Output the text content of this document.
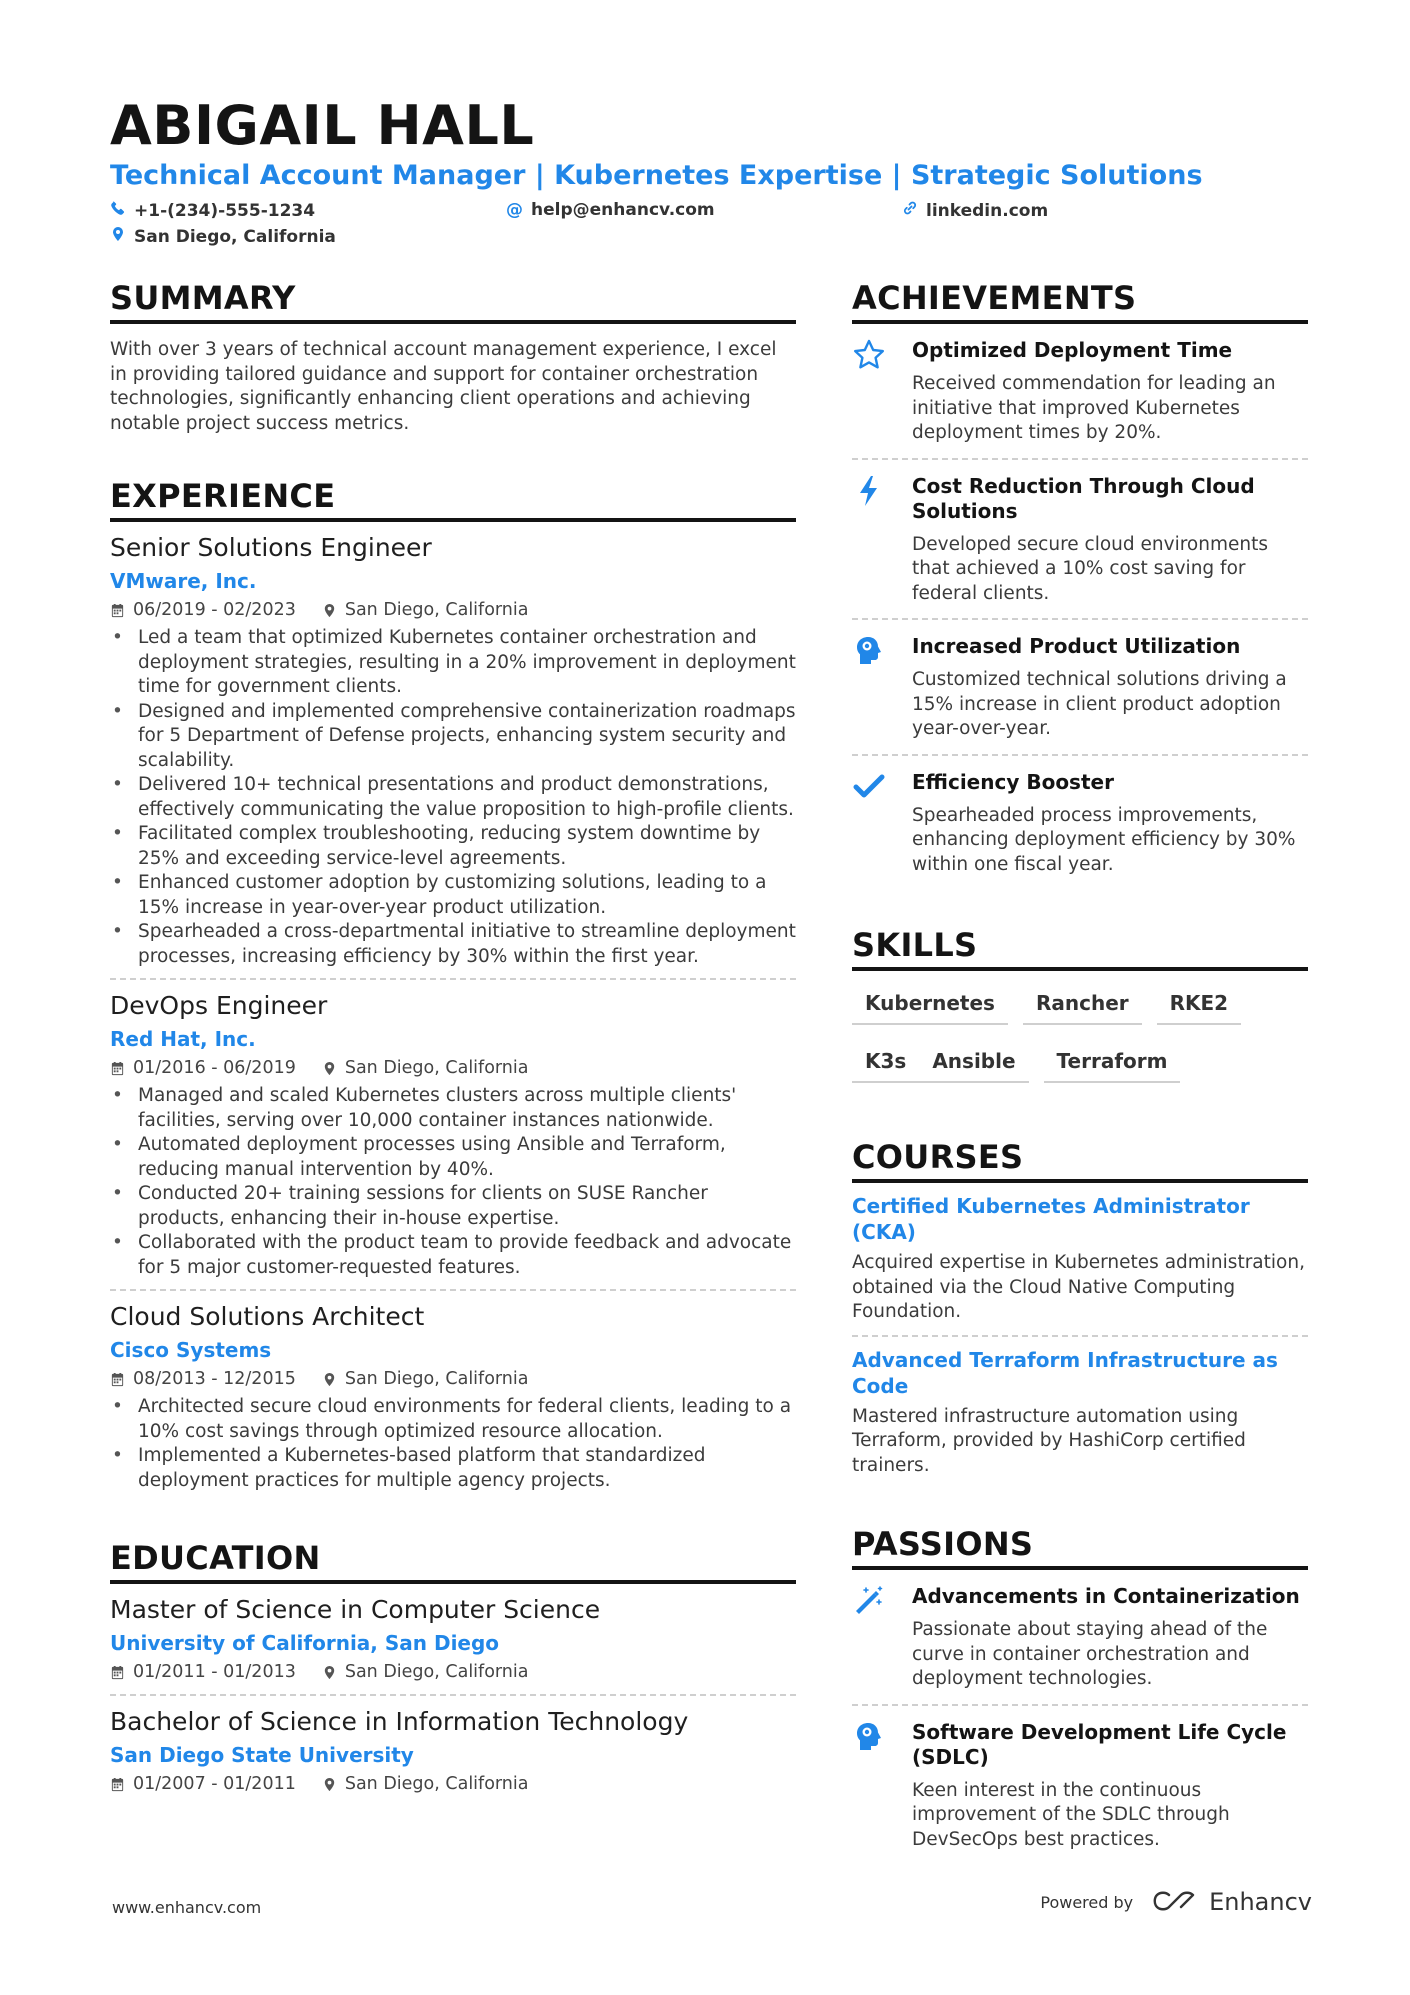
ABIGAIL HALL
Technical Account Manager | Kubernetes Expertise | Strategic Solutions
+1-(234)-555-1234	@ help@enhancv.com	linkedin.com
San Diego, California
SUMMARY

With over 3 years of technical account management experience, I excel in providing tailored guidance and support for container orchestration technologies, significantly enhancing client operations and achieving notable project success metrics.

EXPERIENCE

Senior Solutions Engineer

VMware, Inc.

06/2019 - 02/2023	San Diego, California
• Led a team that optimized Kubernetes container orchestration and deployment strategies, resulting in a 20% improvement in deployment time for government clients.
• Designed and implemented comprehensive containerization roadmaps for 5 Department of Defense projects, enhancing system security and scalability.
• Delivered 10+ technical presentations and product demonstrations, effectively communicating the value proposition to high-profile clients.
• Facilitated complex troubleshooting, reducing system downtime by 25% and exceeding service-level agreements.
• Enhanced customer adoption by customizing solutions, leading to a 15% increase in year-over-year product utilization.
• Spearheaded a cross-departmental initiative to streamline deployment processes, increasing efficiency by 30% within the first year.

DevOps Engineer

Red Hat, Inc.

01/2016 - 06/2019	San Diego, California
• Managed and scaled Kubernetes clusters across multiple clients' facilities, serving over 10,000 container instances nationwide.
• Automated deployment processes using Ansible and Terraform, reducing manual intervention by 40%.
• Conducted 20+ training sessions for clients on SUSE Rancher products, enhancing their in-house expertise.
• Collaborated with the product team to provide feedback and advocate for 5 major customer-requested features.

Cloud Solutions Architect

Cisco Systems

08/2013 - 12/2015	San Diego, California
• Architected secure cloud environments for federal clients, leading to a 10% cost savings through optimized resource allocation.
• Implemented a Kubernetes-based platform that standardized deployment practices for multiple agency projects.
EDUCATION

Master of Science in Computer Science

University of California, San Diego

01/2011 - 01/2013	San Diego, California

Bachelor of Science in Information Technology

San Diego State University

01/2007 - 01/2011	San Diego, California
ACHIEVEMENTS

Optimized Deployment Time

Received commendation for leading an initiative that improved Kubernetes deployment times by 20%.

Cost Reduction Through Cloud Solutions

Developed secure cloud environments that achieved a 10% cost saving for federal clients.

Increased Product Utilization

Customized technical solutions driving a 15% increase in client product adoption year-over-year.

Efficiency Booster

Spearheaded process improvements, enhancing deployment efficiency by 30% within one fiscal year.

SKILLS
Kubernetes	Rancher	RKE2
K3s	Ansible	Terraform
COURSES

Certified Kubernetes Administrator (CKA)

Acquired expertise in Kubernetes administration, obtained via the Cloud Native Computing Foundation.

Advanced Terraform Infrastructure as Code

Mastered infrastructure automation using Terraform, provided by HashiCorp certified trainers.

PASSIONS

Advancements in Containerization

Passionate about staying ahead of the curve in container orchestration and deployment technologies.

Software Development Life Cycle (SDLC)

Keen interest in the continuous improvement of the SDLC through DevSecOps best practices.

www.enhancv.com	Powered by	Enhancv
